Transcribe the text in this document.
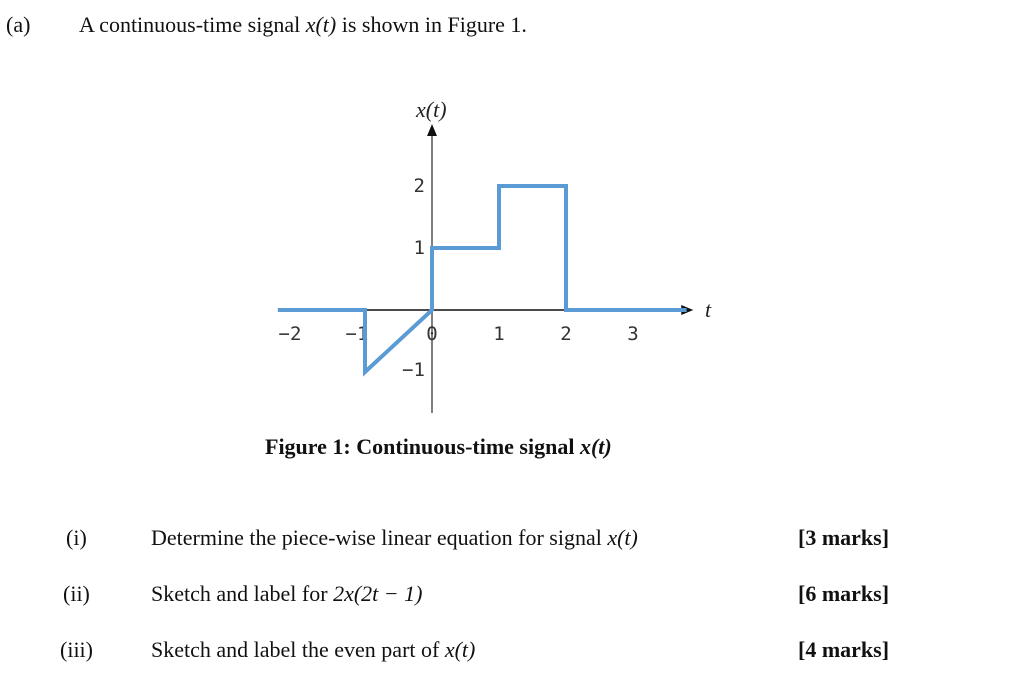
(a) A continuous-time signal x(t) is shown in Figure 1.
t
x(t)
−2 −1	0	1	2	3
−1
1
2
Figure 1: Continuous-time signal x(t)
(i)	Determine the piece-wise linear equation for signal x(t)	[3 marks]
(ii)	Sketch and label for 2x(2t − 1)	[6 marks]
(iii)	Sketch and label the even part of x(t)	[4 marks]
